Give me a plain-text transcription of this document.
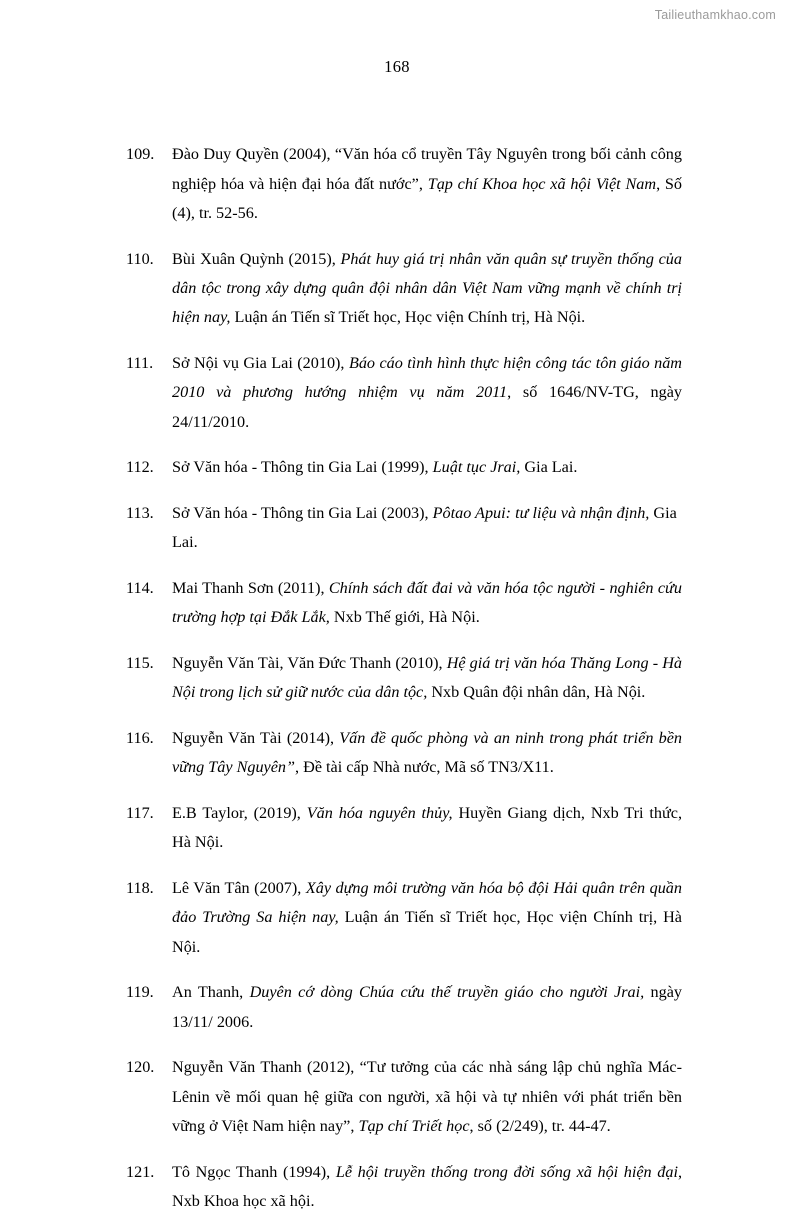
Tailieuthamkhao.com
168

109.	Đào Duy Quyền (2004), “Văn hóa cổ truyền Tây Nguyên trong bối cảnh công nghiệp hóa và hiện đại hóa đất nước”, Tạp chí Khoa học xã hội Việt Nam, Số (4), tr. 52-56.

110.	Bùi Xuân Quỳnh (2015), Phát huy giá trị nhân văn quân sự truyền thống của dân tộc trong xây dựng quân đội nhân dân Việt Nam vững mạnh về chính trị hiện nay, Luận án Tiến sĩ Triết học, Học viện Chính trị, Hà Nội.

111.	Sở Nội vụ Gia Lai (2010), Báo cáo tình hình thực hiện công tác tôn giáo năm 2010 và phương hướng nhiệm vụ năm 2011, số 1646/NV-TG, ngày 24/11/2010.

112.	Sở Văn hóa - Thông tin Gia Lai (1999), Luật tục Jrai, Gia Lai.

113.	Sở Văn hóa - Thông tin Gia Lai (2003), Pôtao Apui: tư liệu và nhận định, Gia Lai.

114.	Mai Thanh Sơn (2011), Chính sách đất đai và văn hóa tộc người - nghiên cứu trường hợp tại Đắk Lắk, Nxb Thế giới, Hà Nội.

115.	Nguyễn Văn Tài, Văn Đức Thanh (2010), Hệ giá trị văn hóa Thăng Long - Hà Nội trong lịch sử giữ nước của dân tộc, Nxb Quân đội nhân dân, Hà Nội.

116.	Nguyễn Văn Tài (2014), Vấn đề quốc phòng và an ninh trong phát triển bền vững Tây Nguyên”, Đề tài cấp Nhà nước, Mã số TN3/X11.

117.	E.B Taylor, (2019), Văn hóa nguyên thủy, Huyền Giang dịch, Nxb Tri thức, Hà Nội.

118.	Lê Văn Tân (2007), Xây dựng môi trường văn hóa bộ đội Hải quân trên quần đảo Trường Sa hiện nay, Luận án Tiến sĩ Triết học, Học viện Chính trị, Hà Nội.

119.	An Thanh, Duyên cớ dòng Chúa cứu thế truyền giáo cho người Jrai, ngày 13/11/ 2006.

120.	Nguyễn Văn Thanh (2012), “Tư tưởng của các nhà sáng lập chủ nghĩa Mác-Lênin về mối quan hệ giữa con người, xã hội và tự nhiên với phát triển bền vững ở Việt Nam hiện nay”, Tạp chí Triết học, số (2/249), tr. 44-47.

121.	Tô Ngọc Thanh (1994), Lễ hội truyền thống trong đời sống xã hội hiện đại, Nxb Khoa học xã hội.
